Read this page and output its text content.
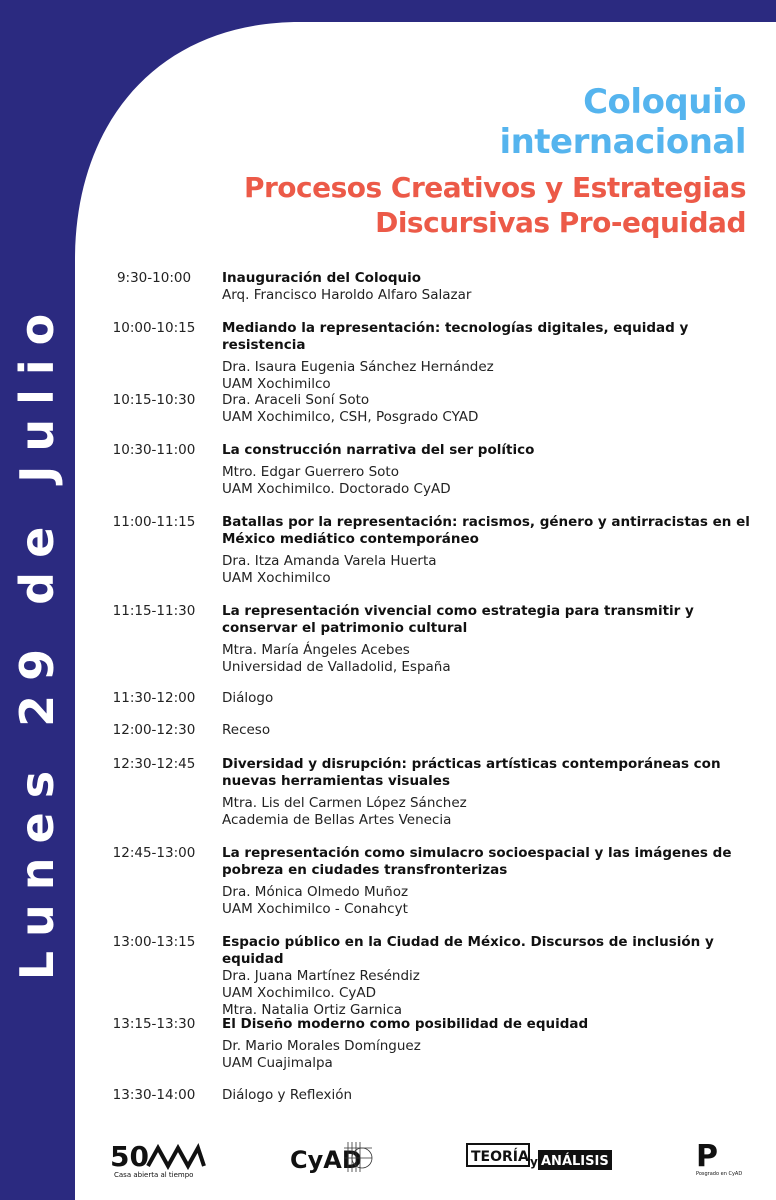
Lunes 29 de Julio
Coloquio
internacional
Procesos Creativos y Estrategias
Discursivas Pro-equidad
9:30-10:00	Inauguración del Coloquio
Arq. Francisco Haroldo Alfaro Salazar
10:00-10:15	Mediando la representación: tecnologías digitales, equidad y resistencia
Dra. Isaura Eugenia Sánchez Hernández
UAM Xochimilco
10:15-10:30	Dra. Araceli Soní Soto
UAM Xochimilco, CSH, Posgrado CYAD
10:30-11:00	La construcción narrativa del ser político
Mtro. Edgar Guerrero Soto
UAM Xochimilco. Doctorado CyAD
11:00-11:15	Batallas por la representación: racismos, género y antirracistas en el México mediático contemporáneo
Dra. Itza Amanda Varela Huerta
UAM Xochimilco
11:15-11:30	La representación vivencial como estrategia para transmitir y conservar el patrimonio cultural
Mtra. María Ángeles Acebes
Universidad de Valladolid, España
11:30-12:00	Diálogo
12:00-12:30	Receso
12:30-12:45	Diversidad y disrupción: prácticas artísticas contemporáneas con nuevas herramientas visuales
Mtra. Lis del Carmen López Sánchez
Academia de Bellas Artes Venecia
12:45-13:00	La representación como simulacro socioespacial y las imágenes de pobreza en ciudades transfronterizas
Dra. Mónica Olmedo Muñoz
UAM Xochimilco - Conahcyt
13:00-13:15	Espacio público en la Ciudad de México. Discursos de inclusión y equidad
Dra. Juana Martínez Reséndiz
UAM Xochimilco. CyAD
Mtra. Natalia Ortiz Garnica
13:15-13:30	El Diseño moderno como posibilidad de equidad
Dr. Mario Morales Domínguez
UAM Cuajimalpa
13:30-14:00	Diálogo y Reflexión
50
Casa abierta al tiempo
CyAD	TEORÍA y ANÁLISIS	P
Posgrado en CyAD
